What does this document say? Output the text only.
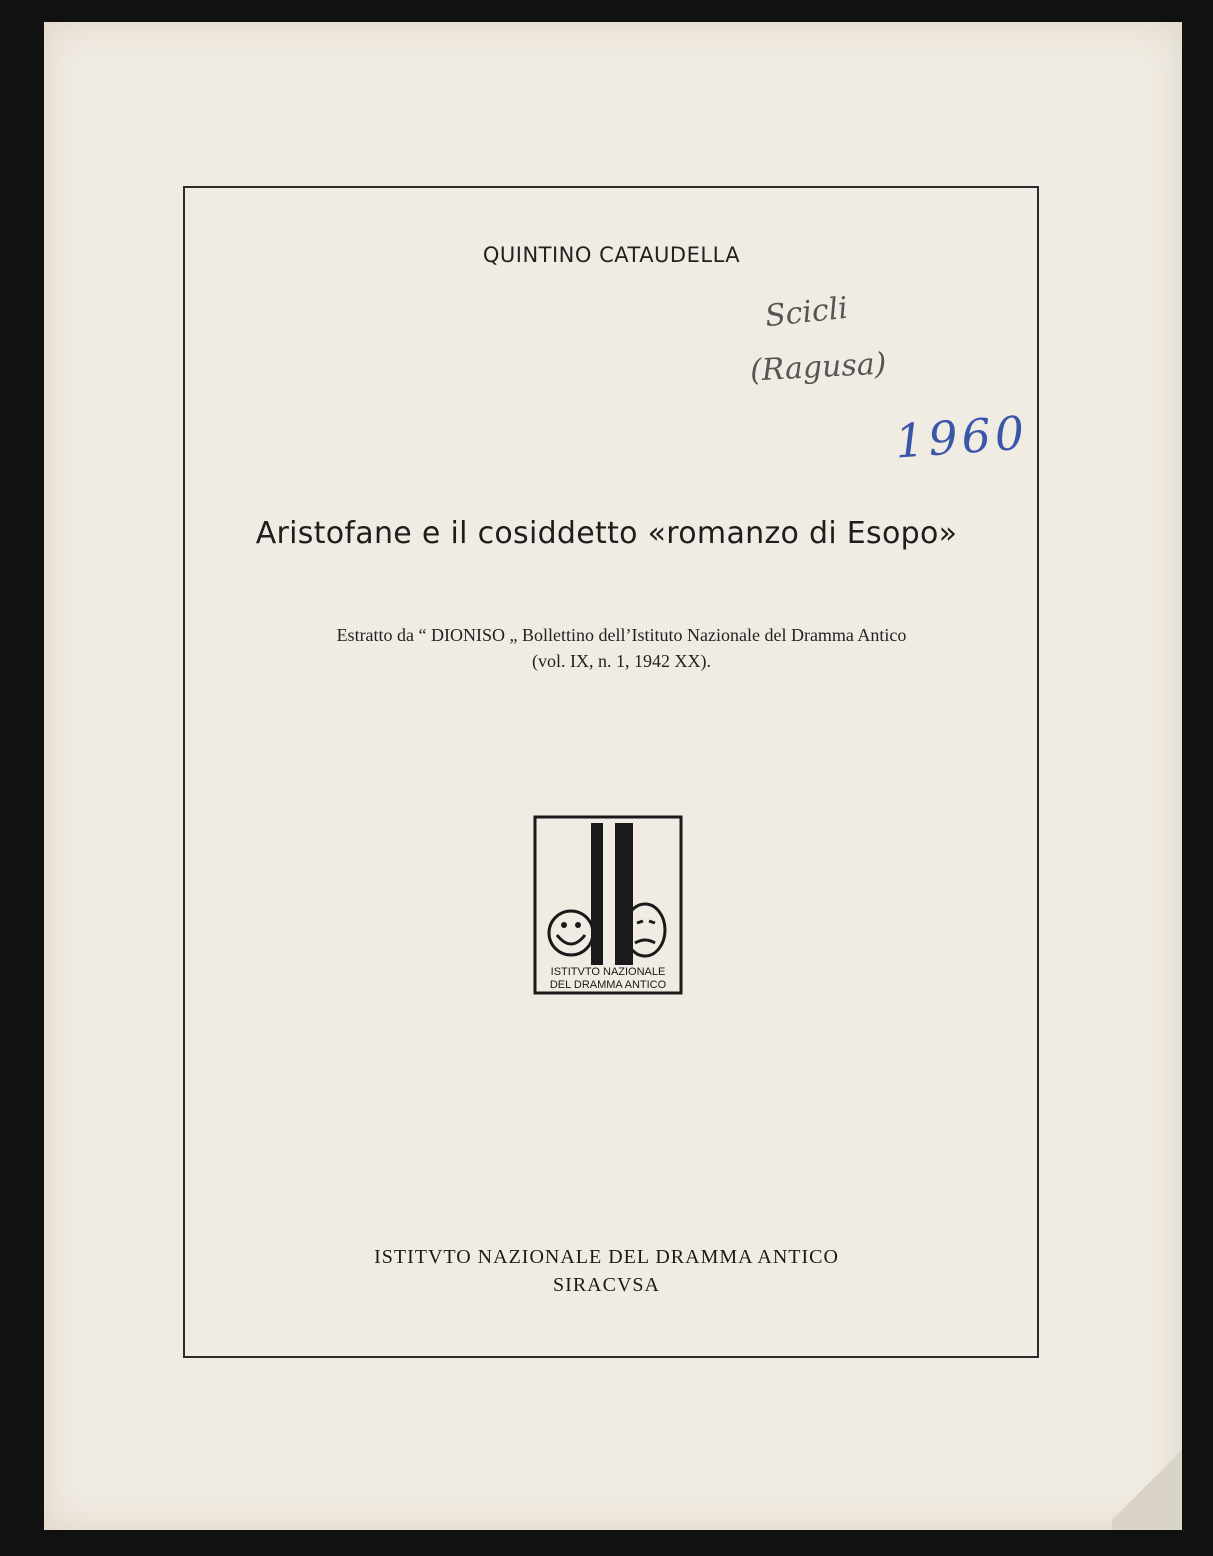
QUINTINO CATAUDELLA
Scicli
(Ragusa)
1960
Aristofane e il cosiddetto «romanzo di Esopo»
Estratto da “ DIONISO „ Bollettino dell’Istituto Nazionale del Dramma Antico
(vol. IX, n. 1, 1942 XX).
ISTITVTO NAZIONALE
DEL DRAMMA ANTICO
ISTITVTO NAZIONALE DEL DRAMMA ANTICO
SIRACVSA
